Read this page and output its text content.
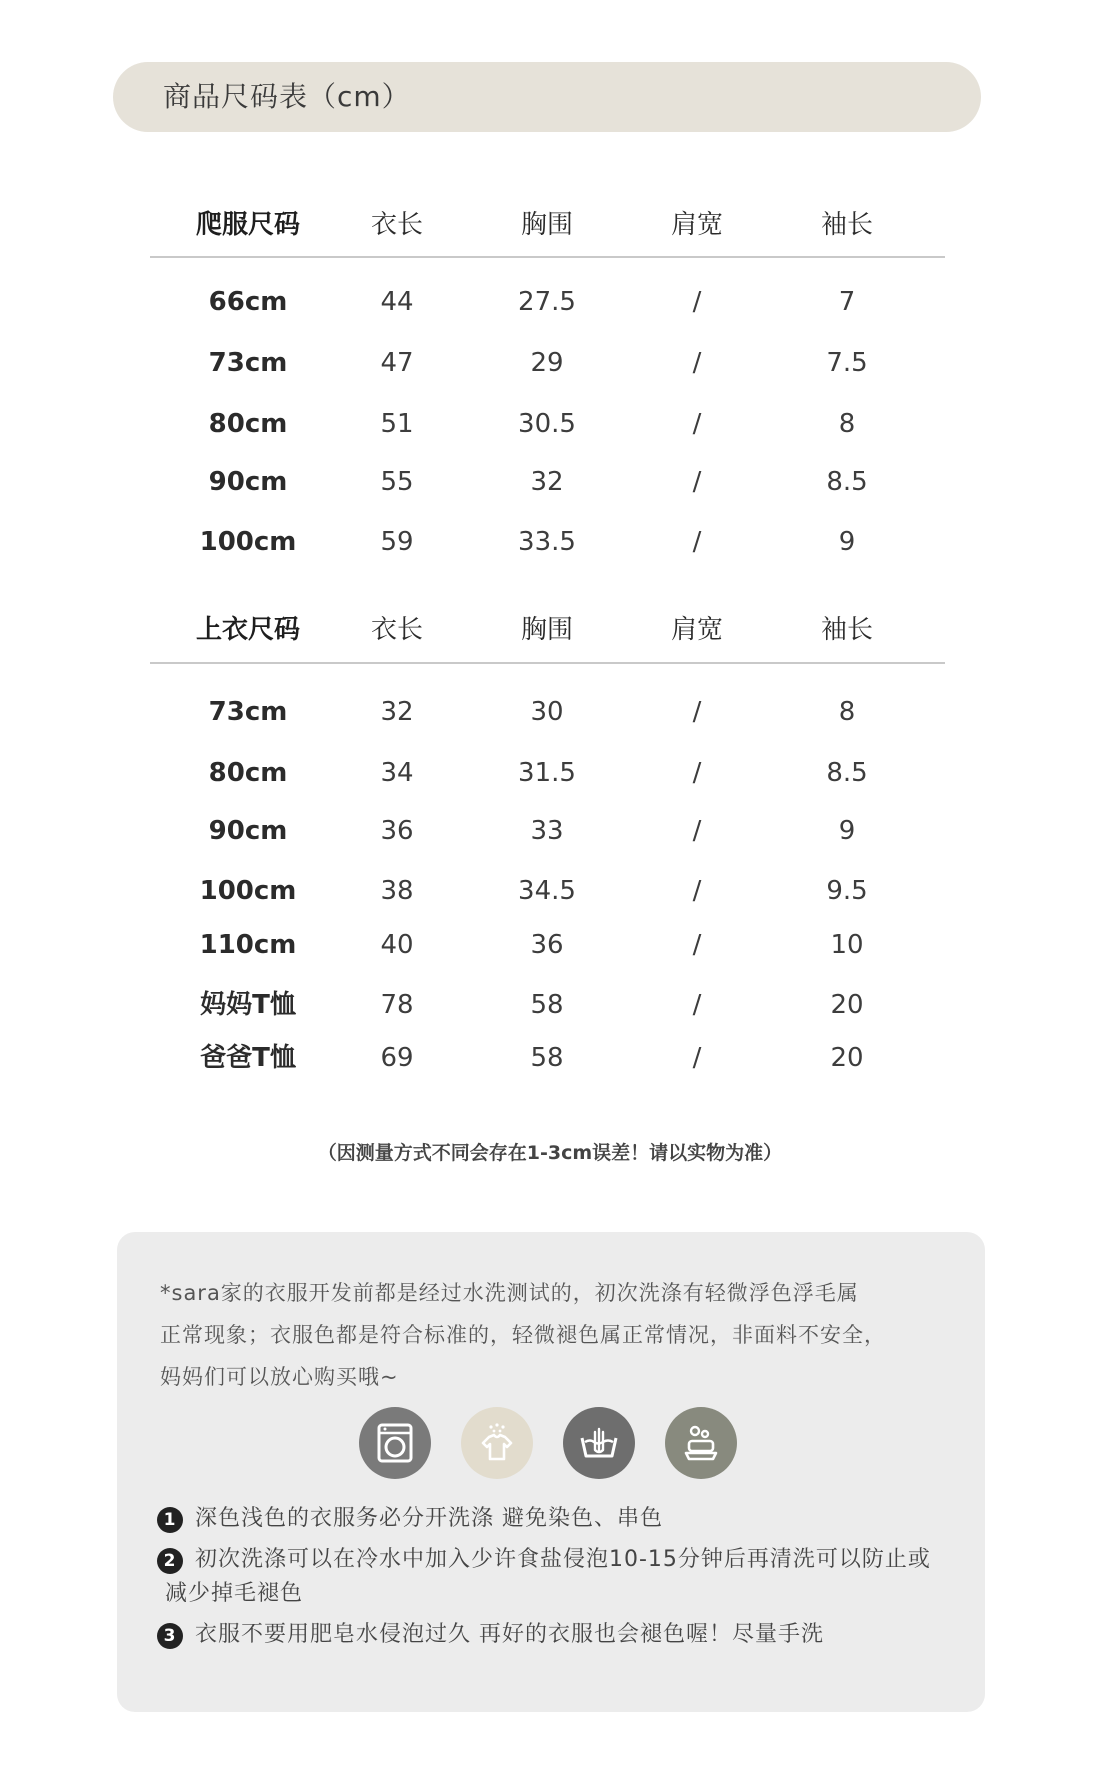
商品尺码表（cm）
爬服尺码	衣长	胸围	肩宽	袖长
66cm	44	27.5	/	7
73cm	47	29	/	7.5
80cm	51	30.5	/	8
90cm	55	32	/	8.5
100cm	59	33.5	/	9
上衣尺码	衣长	胸围	肩宽	袖长
73cm	32	30	/	8
80cm	34	31.5	/	8.5
90cm	36	33	/	9
100cm	38	34.5	/	9.5
110cm	40	36	/	10
妈妈T恤	78	58	/	20
爸爸T恤	69	58	/	20
（因测量方式不同会存在1-3cm误差！请以实物为准）
*sara家的衣服开发前都是经过水洗测试的，初次洗涤有轻微浮色浮毛属
正常现象；衣服色都是符合标准的，轻微褪色属正常情况，非面料不安全，
妈妈们可以放心购买哦~
1 深色浅色的衣服务必分开洗涤 避免染色、串色
2 初次洗涤可以在冷水中加入少许食盐侵泡10-15分钟后再清洗可以防止或
减少掉毛褪色
3 衣服不要用肥皂水侵泡过久 再好的衣服也会褪色喔！尽量手洗
